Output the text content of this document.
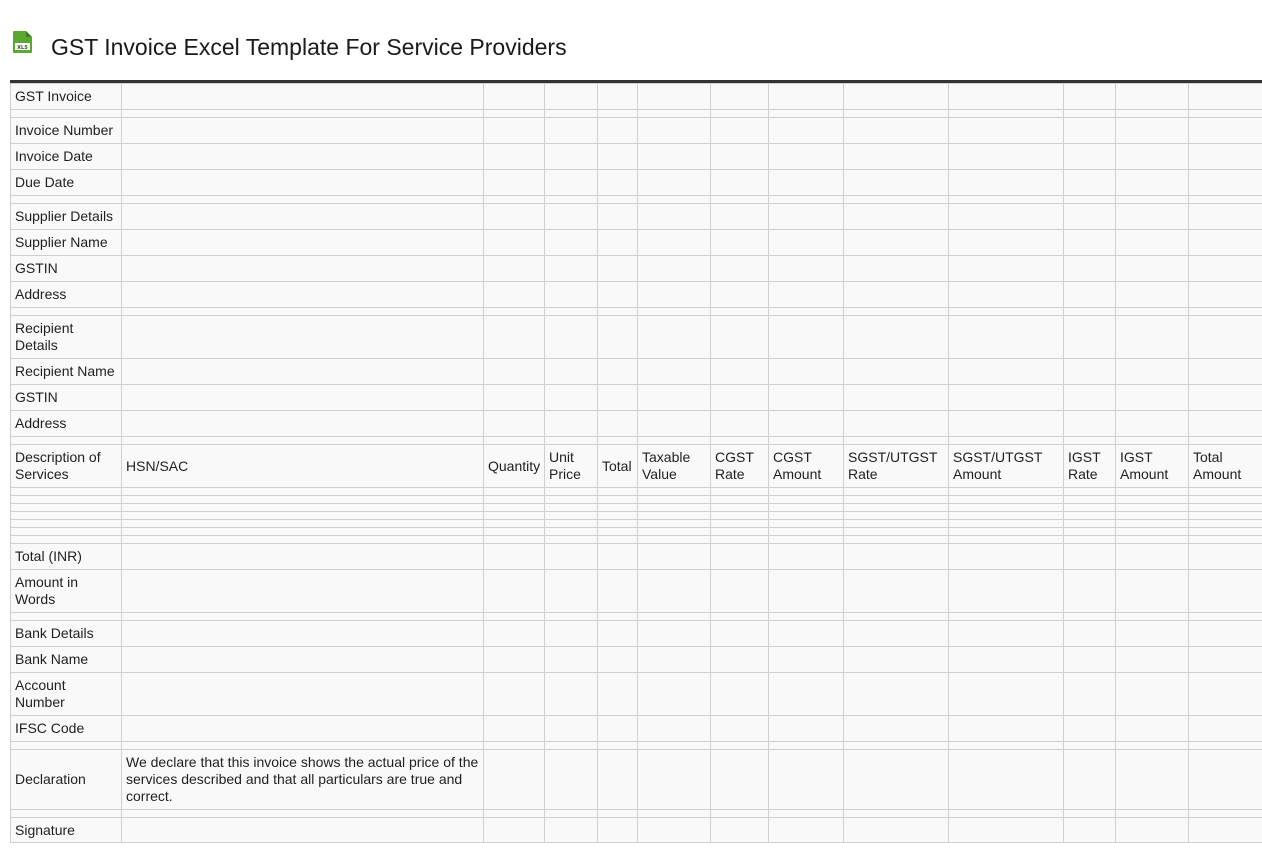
XLS GST Invoice Excel Template For Service Providers
GST Invoice												

Invoice Number												
Invoice Date												
Due Date												

Supplier Details												
Supplier Name												
GSTIN												
Address												

Recipient Details												
Recipient Name												
GSTIN												
Address												

Description of Services	HSN/SAC	Quantity	Unit Price	Total	Taxable Value	CGST Rate	CGST Amount	SGST/UTGST Rate	SGST/UTGST Amount	IGST Rate	IGST Amount	Total Amount

Total (INR)												
Amount in Words												

Bank Details												
Bank Name												
Account Number												
IFSC Code												

Declaration	We declare that this invoice shows the actual price of the services described and that all particulars are true and correct.											

Signature												
